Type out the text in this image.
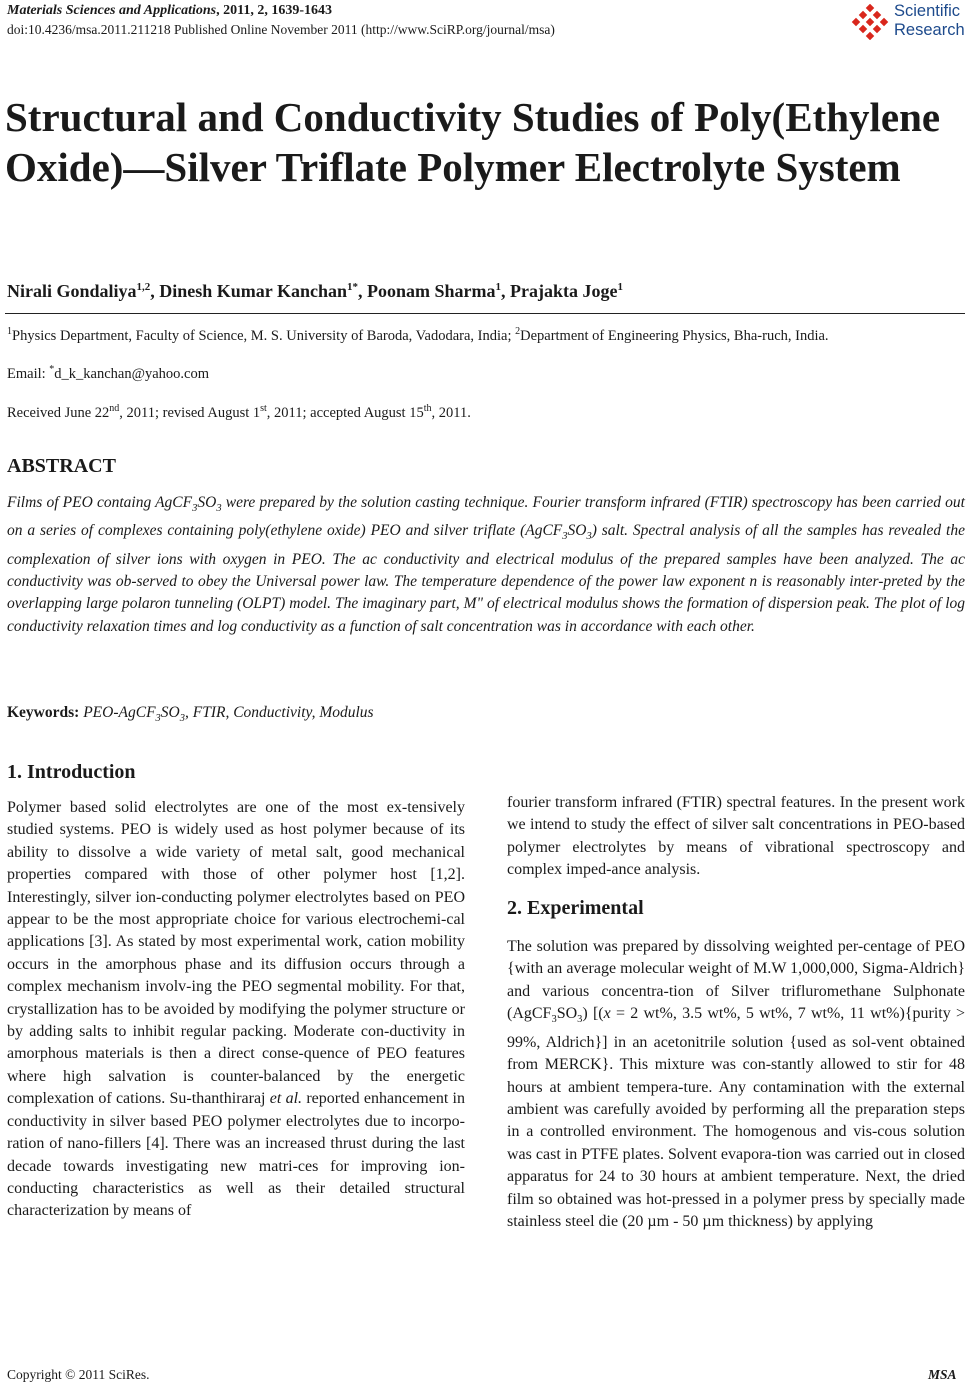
Materials Sciences and Applications, 2011, 2, 1639-1643
doi:10.4236/msa.2011.211218 Published Online November 2011 (http://www.SciRP.org/journal/msa)
Scientific
Research
Structural and Conductivity Studies of Poly(Ethylene Oxide)—Silver Triflate Polymer Electrolyte System
Nirali Gondaliya$^{1,2}$, Dinesh Kumar Kanchan$^{1*}$, Poonam Sharma$^1$, Prajakta Joge$^1$
$^1$Physics Department, Faculty of Science, M. S. University of Baroda, Vadodara, India; $^2$Department of Engineering Physics, Bha-ruch, India.
Email: *d_k_kanchan@yahoo.com
Received June 22nd, 2011; revised August 1st, 2011; accepted August 15th, 2011.
ABSTRACT
Films of PEO containg $AgCF_3SO_3$ were prepared by the solution casting technique. Fourier transform infrared (FTIR) spectroscopy has been carried out on a series of complexes containing poly(ethylene oxide) PEO and silver triflate $(AgCF_3SO_3)$ salt. Spectral analysis of all the samples has revealed the complexation of silver ions with oxygen in PEO. The ac conductivity and electrical modulus of the prepared samples have been analyzed. The ac conductivity was ob-served to obey the Universal power law. The temperature dependence of the power law exponent n is reasonably inter-preted by the overlapping large polaron tunneling (OLPT) model. The imaginary part, M" of electrical modulus shows the formation of dispersion peak. The plot of log conductivity relaxation times and log conductivity as a function of salt concentration was in accordance with each other.
Keywords: PEO-$AgCF_3SO_3$, FTIR, Conductivity, Modulus
1. Introduction
Polymer based solid electrolytes are one of the most ex-tensively studied systems. PEO is widely used as host polymer because of its ability to dissolve a wide variety of metal salt, good mechanical properties compared with those of other polymer host [1,2]. Interestingly, silver ion-conducting polymer electrolytes based on PEO appear to be the most appropriate choice for various electrochemi-cal applications [3]. As stated by most experimental work, cation mobility occurs in the amorphous phase and its diffusion occurs through a complex mechanism involv-ing the PEO segmental mobility. For that, crystallization has to be avoided by modifying the polymer structure or by adding salts to inhibit regular packing. Moderate con-ductivity in amorphous materials is then a direct conse-quence of PEO features where high salvation is counter-balanced by the energetic complexation of cations. Su-thanthiraraj et al. reported enhancement in conductivity in silver based PEO polymer electrolytes due to incorpo-ration of nano-fillers [4]. There was an increased thrust during the last decade towards investigating new matri-ces for improving ion-conducting characteristics as well as their detailed structural characterization by means of
fourier transform infrared (FTIR) spectral features. In the present work we intend to study the effect of silver salt concentrations in PEO-based polymer electrolytes by means of vibrational spectroscopy and complex imped-ance analysis.
2. Experimental
The solution was prepared by dissolving weighted per-centage of PEO {with an average molecular weight of M.W 1,000,000, Sigma-Aldrich} and various concentra-tion of Silver trifluromethane Sulphonate $(AgCF_3SO_3) [(x = 2$ wt%, 3.5 wt%, 5 wt%, 7 wt%, 11 wt%){purity > 99%, Aldrich}] in an acetonitrile solution {used as sol-vent obtained from MERCK}. This mixture was con-stantly allowed to stir for 48 hours at ambient tempera-ture. Any contamination with the external ambient was carefully avoided by performing all the preparation steps in a controlled environment. The homogenous and vis-cous solution was cast in PTFE plates. Solvent evapora-tion was carried out in closed apparatus for 24 to 30 hours at ambient temperature. Next, the dried film so obtained was hot-pressed in a polymer press by specially made stainless steel die (20 µm - 50 µm thickness) by applying
Copyright © 2011 SciRes.	MSA
